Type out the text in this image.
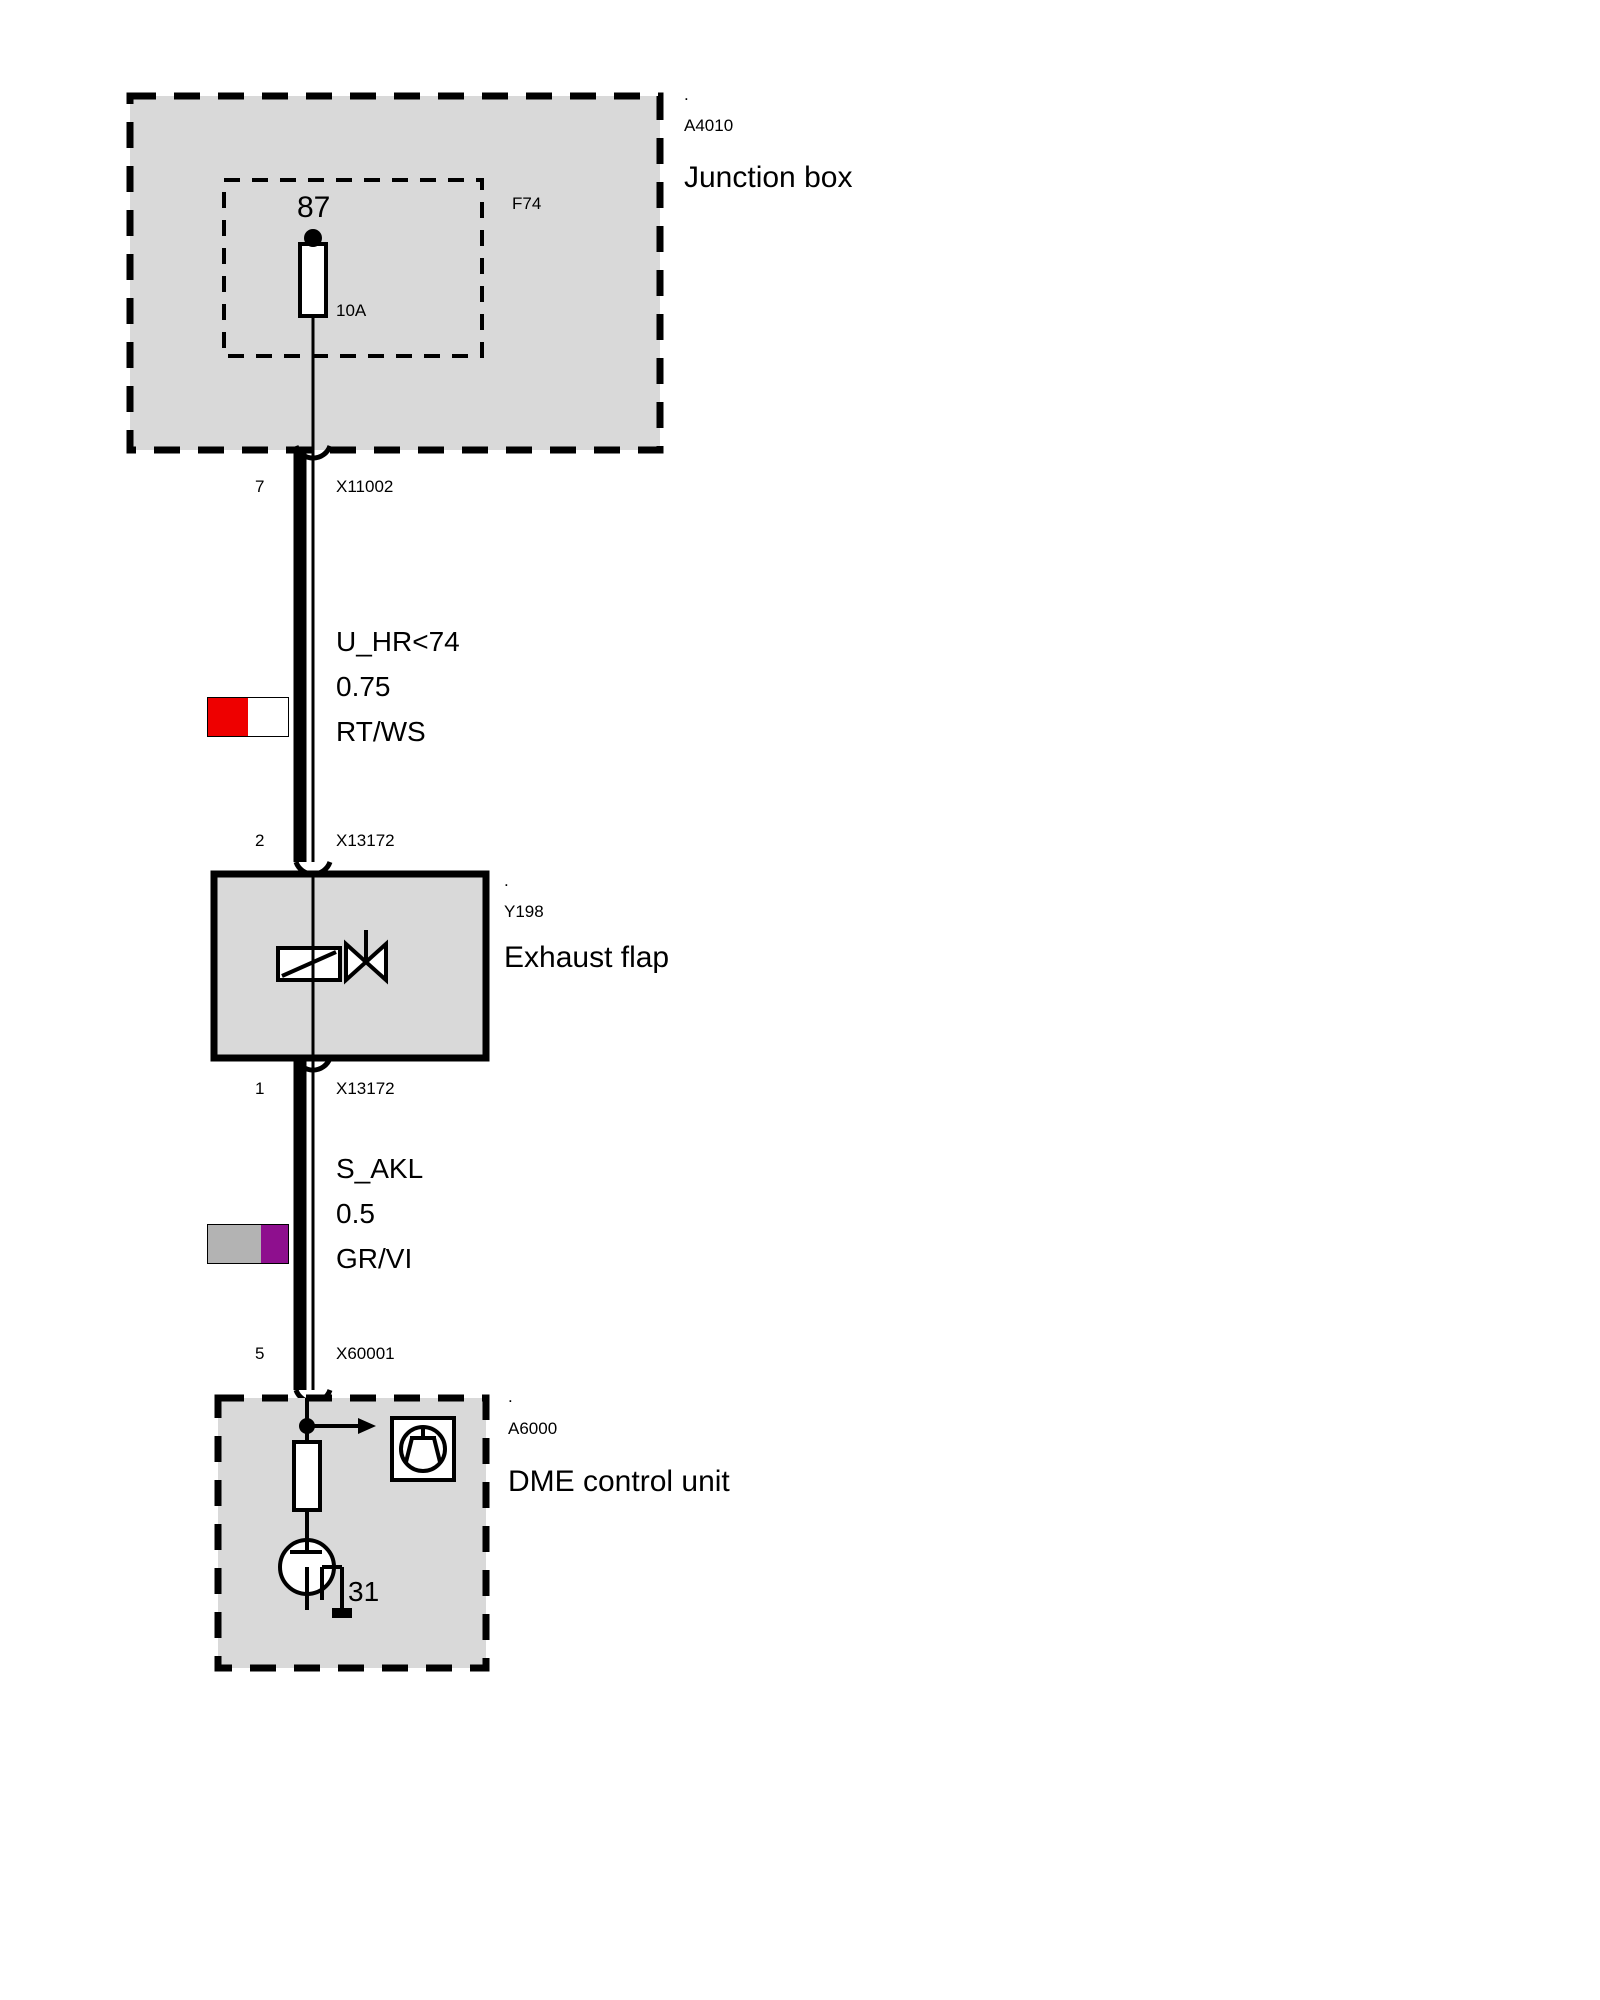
.
A4010
Junction box
87	F74
10A
7	X11002
U_HR<74
0.75
RT/WS
2	X13172
.
Y198
Exhaust flap
1	X13172
S_AKL
0.5
GR/VI
5	X60001
.
A6000
DME control unit
31
